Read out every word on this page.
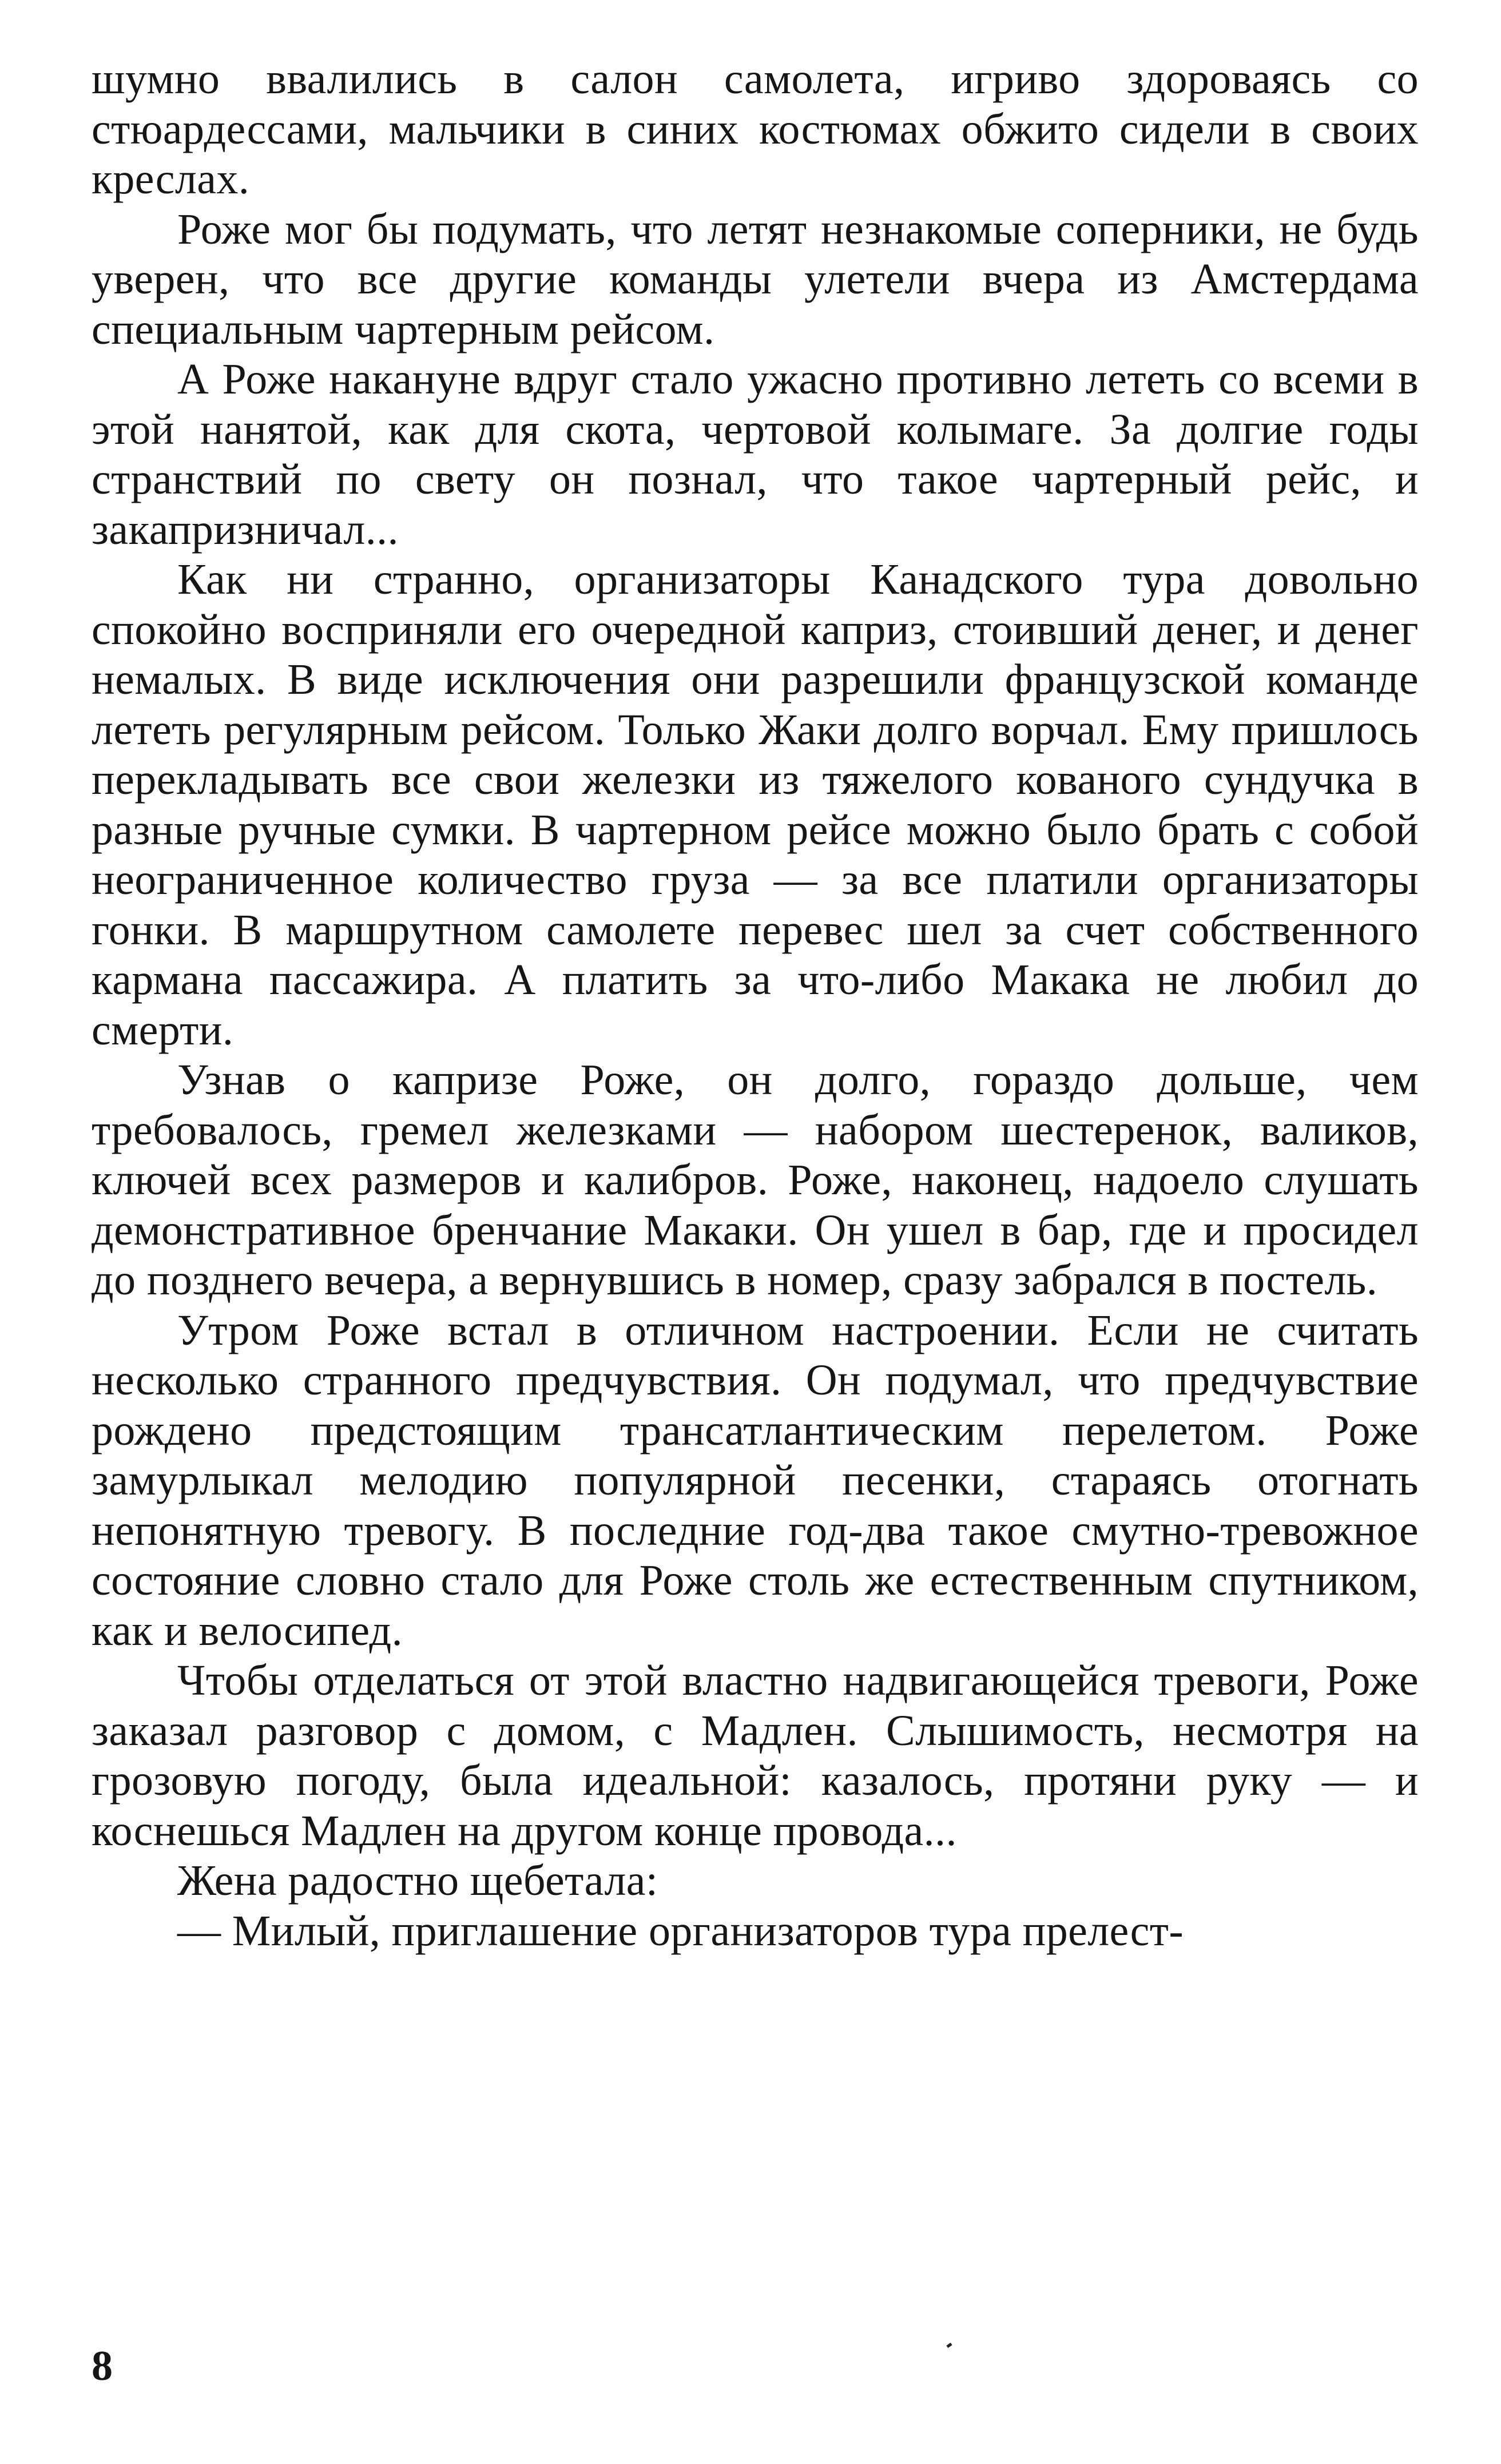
шумно ввалились в салон самолета, игриво здороваясь со стюардессами, мальчики в синих костюмах обжито сидели в своих креслах.

Роже мог бы подумать, что летят незнакомые соперники, не будь уверен, что все другие команды улетели вчера из Амстердама специальным чартерным рейсом.

А Роже накануне вдруг стало ужасно противно лететь со всеми в этой нанятой, как для скота, чертовой колымаге. За долгие годы странствий по свету он познал, что такое чартерный рейс, и закапризничал...

Как ни странно, организаторы Канадского тура довольно спокойно восприняли его очередной каприз, стоивший денег, и денег немалых. В виде исключения они разрешили французской команде лететь регулярным рейсом. Только Жаки долго ворчал. Ему пришлось перекладывать все свои железки из тяжелого кованого сундучка в разные ручные сумки. В чартерном рейсе можно было брать с собой неограниченное количество груза — за все платили организаторы гонки. В маршрутном самолете перевес шел за счет собственного кармана пассажира. А платить за что-либо Макака не любил до смерти.

Узнав о капризе Роже, он долго, гораздо дольше, чем требовалось, гремел железками — набором шестеренок, валиков, ключей всех размеров и калибров. Роже, наконец, надоело слушать демонстративное бренчание Макаки. Он ушел в бар, где и просидел до позднего вечера, а вернувшись в номер, сразу забрался в постель.

Утром Роже встал в отличном настроении. Если не считать несколько странного предчувствия. Он подумал, что предчувствие рождено предстоящим трансатлантическим перелетом. Роже замурлыкал мелодию популярной песенки, стараясь отогнать непонятную тревогу. В последние год-два такое смутно-тревожное состояние словно стало для Роже столь же естественным спутником, как и велосипед.

Чтобы отделаться от этой властно надвигающейся тревоги, Роже заказал разговор с домом, с Мадлен. Слышимость, несмотря на грозовую погоду, была идеальной: казалось, протяни руку — и коснешься Мадлен на другом конце провода...

Жена радостно щебетала:

— Милый, приглашение организаторов тура прелест-

8
